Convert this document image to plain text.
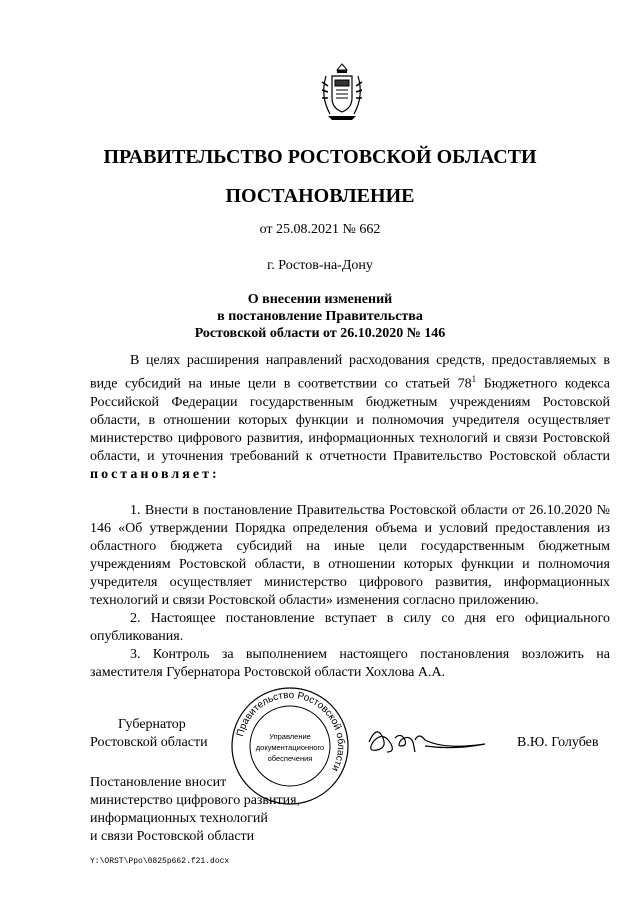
ПРАВИТЕЛЬСТВО РОСТОВСКОЙ ОБЛАСТИ
ПОСТАНОВЛЕНИЕ
от 25.08.2021 № 662
г. Ростов-на-Дону
О внесении изменений
в постановление Правительства
Ростовской области от 26.10.2020 № 146

В целях расширения направлений расходования средств, предоставляемых в виде субсидий на иные цели в соответствии со статьей $78^1$ Бюджетного кодекса Российской Федерации государственным бюджетным учреждениям Ростовской области, в отношении которых функции и полномочия учредителя осуществляет министерство цифрового развития, информационных технологий и связи Ростовской области, и уточнения требований к отчетности Правительство Ростовской области постановляет:

1. Внести в постановление Правительства Ростовской области от 26.10.2020 № 146 «Об утверждении Порядка определения объема и условий предоставления из областного бюджета субсидий на иные цели государственным бюджетным учреждениям Ростовской области, в отношении которых функции и полномочия учредителя осуществляет министерство цифрового развития, информационных технологий и связи Ростовской области» изменения согласно приложению.

2. Настоящее постановление вступает в силу со дня его официального опубликования.

3. Контроль за выполнением настоящего постановления возложить на заместителя Губернатора Ростовской области Хохлова А.А.

Губернатор
Ростовской области	В.Ю. Голубев
Правительство Ростовской области
Управление
документационного
обеспечения
Постановление вносит
министерство цифрового развития,
информационных технологий
и связи Ростовской области
Y:\ORST\Ppo\0825p662.f21.docx
